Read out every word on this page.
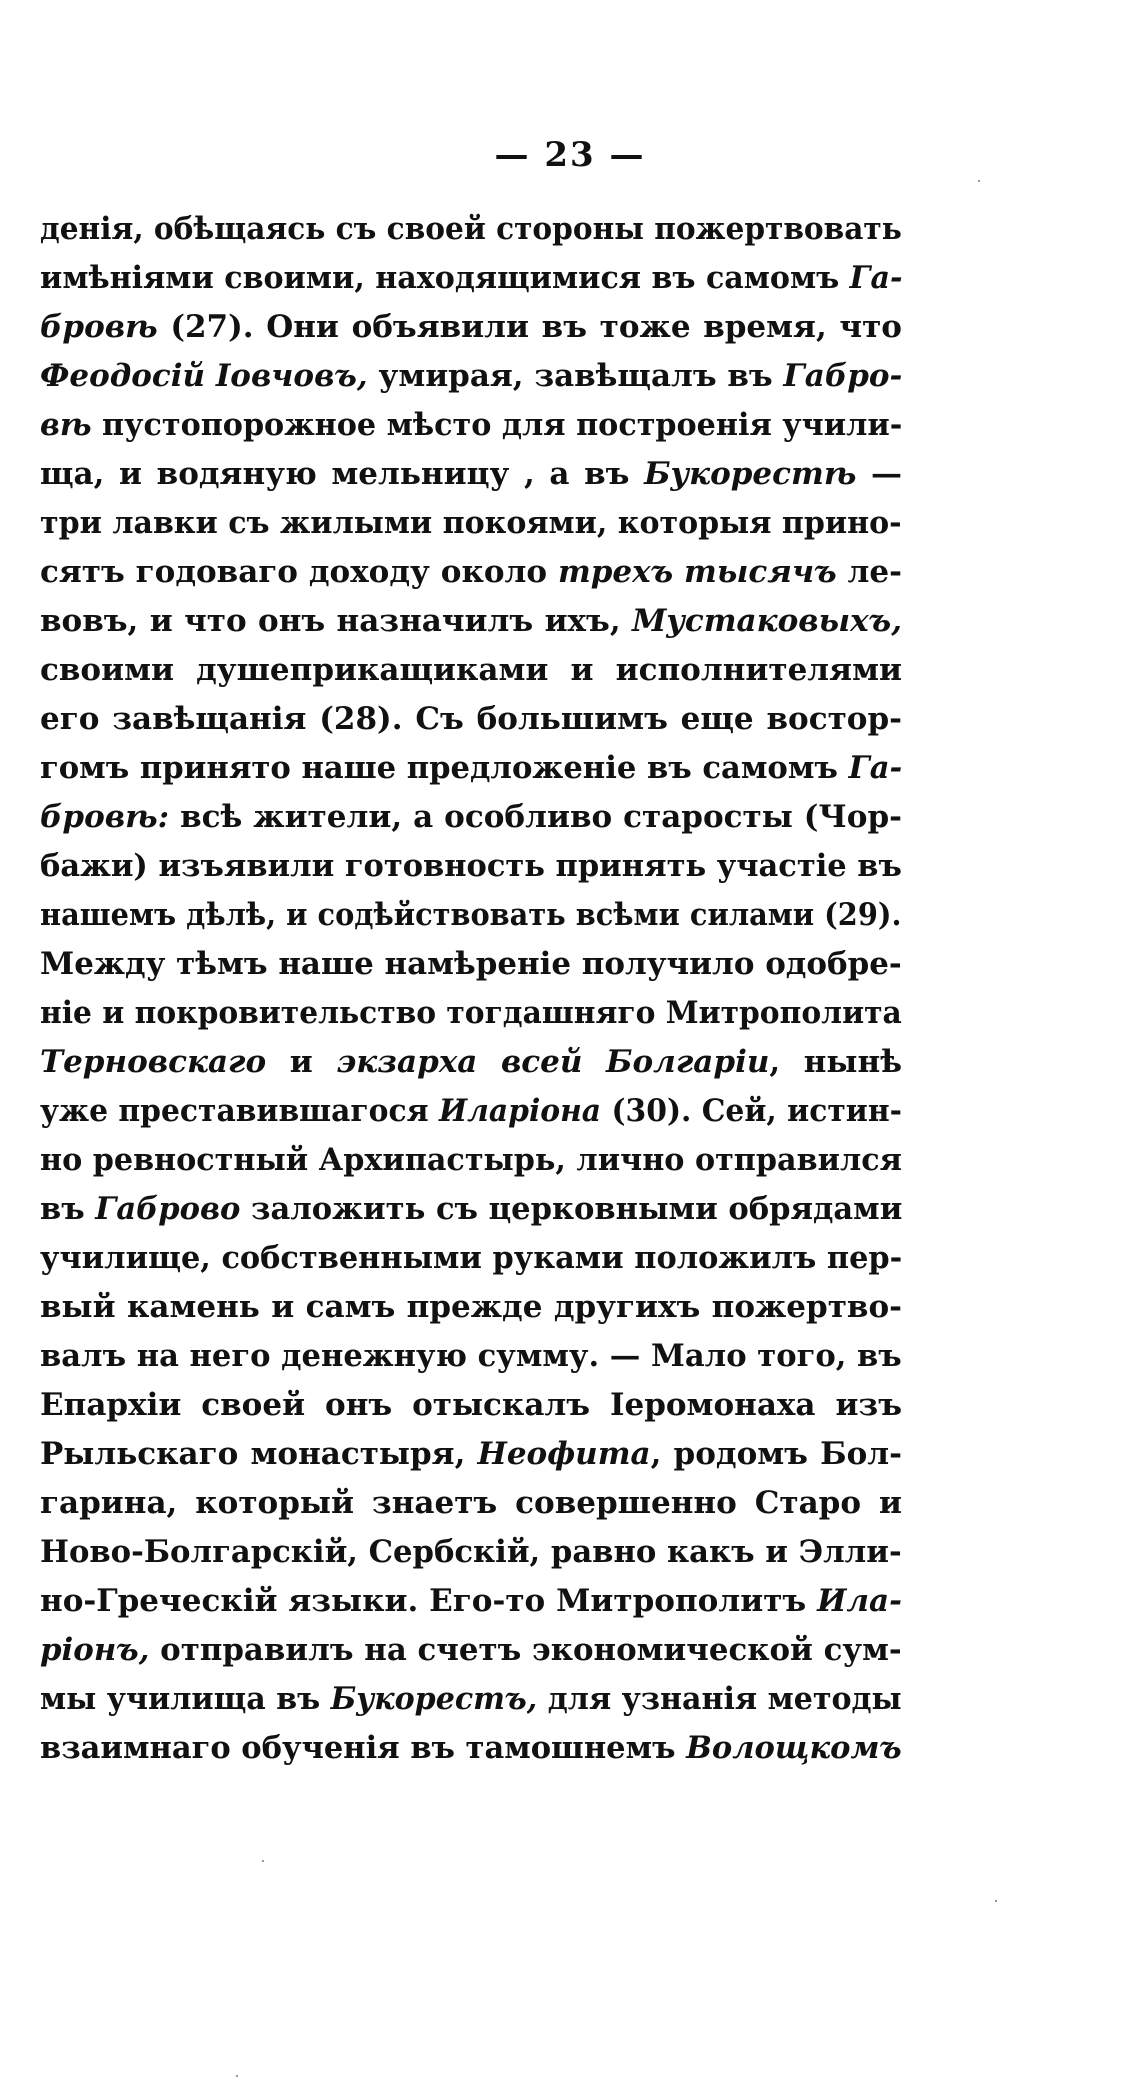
— 23 —
денія, обѣщаясь съ своей стороны пожертвовать
имѣніями своими, находящимися въ самомъ Га-
бровѣ (27). Они объявили въ тоже время, что
Феодосій Іовчовъ, умирая, завѣщалъ въ Габро-
вѣ пустопорожное мѣсто для построенія учили-
ща, и водяную мельницу , а въ Букорестѣ —
три лавки съ жилыми покоями, которыя прино-
сятъ годоваго доходу около трехъ тысячъ ле-
вовъ, и что онъ назначилъ ихъ, Мустаковыхъ,
своими душеприкащиками и исполнителями
его завѣщанія (28). Съ большимъ еще востор-
гомъ принято наше предложеніе въ самомъ Га-
бровѣ: всѣ жители, а особливо старосты (Чор-
бажи) изъявили готовность принять участіе въ
нашемъ дѣлѣ, и содѣйствовать всѣми силами (29).
Между тѣмъ наше намѣреніе получило одобре-
ніе и покровительство тогдашняго Митрополита
Терновскаго и экзарха всей Болгаріи, нынѣ
уже преставившагося Иларіона (30). Сей, истин-
но ревностный Архипастырь, лично отправился
въ Габрово заложить съ церковными обрядами
училище, собственными руками положилъ пер-
вый камень и самъ прежде другихъ пожертво-
валъ на него денежную сумму. — Мало того, въ
Епархіи своей онъ отыскалъ Іеромонаха изъ
Рыльскаго монастыря, Неофита, родомъ Бол-
гарина, который знаетъ совершенно Старо и
Ново-Болгарскій, Сербскій, равно какъ и Элли-
но-Греческій языки. Его-то Митрополитъ Ила-
ріонъ, отправилъ на счетъ экономической сум-
мы училища въ Букорестъ, для узнанія методы
взаимнаго обученія въ тамошнемъ Волощкомъ
